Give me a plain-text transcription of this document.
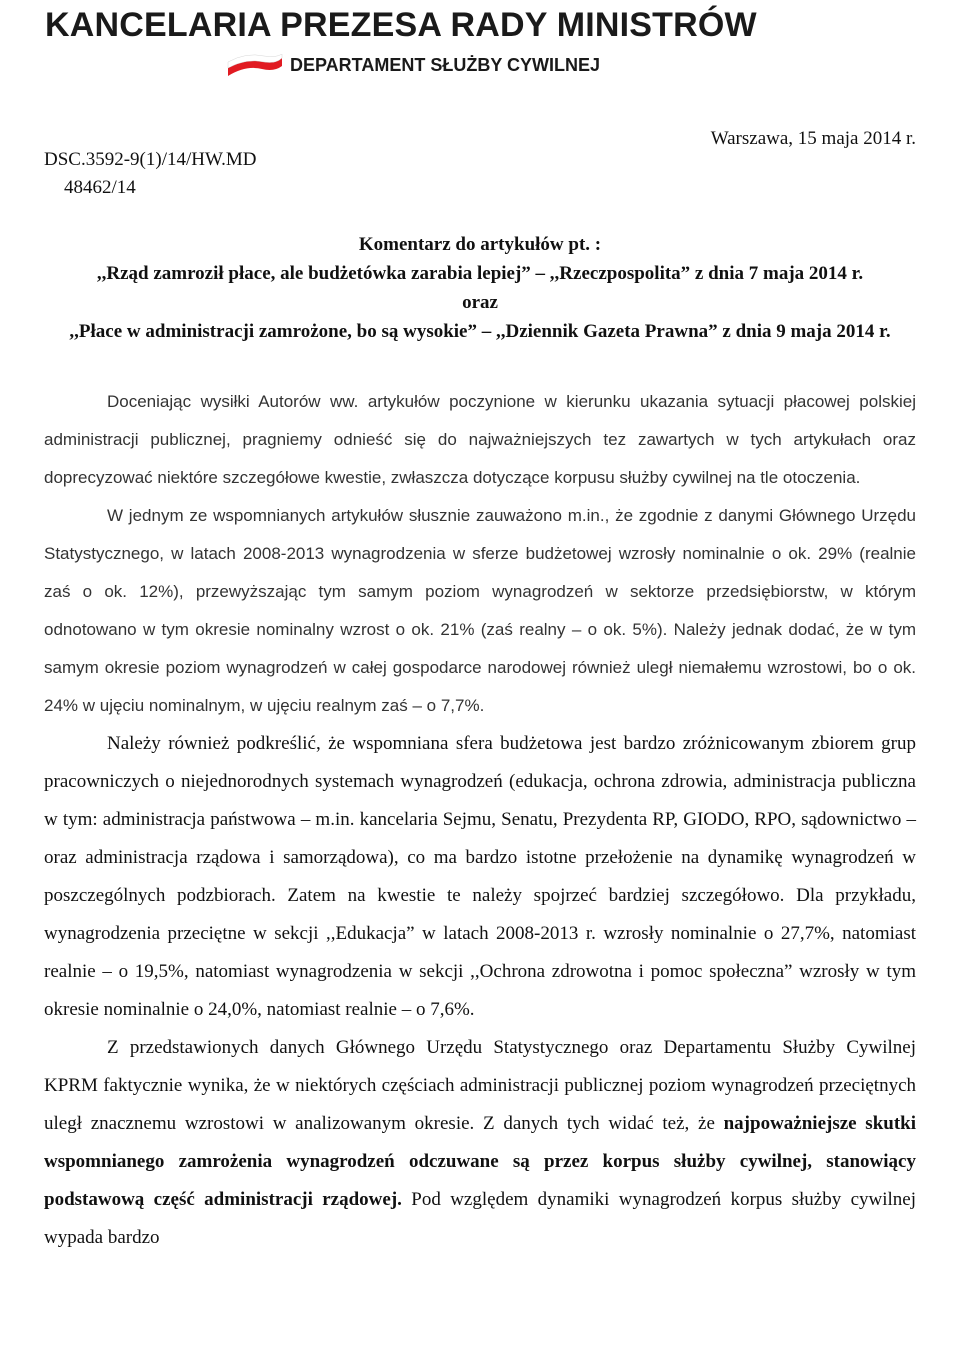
KANCELARIA PREZESA RADY MINISTRÓW
DEPARTAMENT SŁUŻBY CYWILNEJ
Warszawa, 15 maja 2014 r.
DSC.3592-9(1)/14/HW.MD
48462/14
Komentarz do artykułów pt. :
,,Rząd zamroził płace, ale budżetówka zarabia lepiej” – ,,Rzeczpospolita” z dnia 7 maja 2014 r.
oraz
,,Płace w administracji zamrożone, bo są wysokie” – ,,Dziennik Gazeta Prawna” z dnia 9 maja 2014 r.

Doceniając wysiłki Autorów ww. artykułów poczynione w kierunku ukazania sytuacji płacowej polskiej administracji publicznej, pragniemy odnieść się do najważniejszych tez zawartych w tych artykułach oraz doprecyzować niektóre szczegółowe kwestie, zwłaszcza dotyczące korpusu służby cywilnej na tle otoczenia.

W jednym ze wspomnianych artykułów słusznie zauważono m.in., że zgodnie z danymi Głównego Urzędu Statystycznego, w latach 2008-2013 wynagrodzenia w sferze budżetowej wzrosły nominalnie o ok. 29% (realnie zaś o ok. 12%), przewyższając tym samym poziom wynagrodzeń w sektorze przedsiębiorstw, w którym odnotowano w tym okresie nominalny wzrost o ok. 21% (zaś realny – o ok. 5%). Należy jednak dodać, że w tym samym okresie poziom wynagrodzeń w całej gospodarce narodowej również uległ niemałemu wzrostowi, bo o ok. 24% w ujęciu nominalnym, w ujęciu realnym zaś – o 7,7%.

Należy również podkreślić, że wspomniana sfera budżetowa jest bardzo zróżnicowanym zbiorem grup pracowniczych o niejednorodnych systemach wynagrodzeń (edukacja, ochrona zdrowia, administracja publiczna w tym: administracja państwowa – m.in. kancelaria Sejmu, Senatu, Prezydenta RP, GIODO, RPO, sądownictwo – oraz administracja rządowa i samorządowa), co ma bardzo istotne przełożenie na dynamikę wynagrodzeń w poszczególnych podzbiorach. Zatem na kwestie te należy spojrzeć bardziej szczegółowo. Dla przykładu, wynagrodzenia przeciętne w sekcji ,,Edukacja” w latach 2008-2013 r. wzrosły nominalnie o 27,7%, natomiast realnie – o 19,5%, natomiast wynagrodzenia w sekcji ,,Ochrona zdrowotna i pomoc społeczna” wzrosły w tym okresie nominalnie o 24,0%, natomiast realnie – o 7,6%.

Z przedstawionych danych Głównego Urzędu Statystycznego oraz Departamentu Służby Cywilnej KPRM faktycznie wynika, że w niektórych częściach administracji publicznej poziom wynagrodzeń przeciętnych uległ znacznemu wzrostowi w analizowanym okresie. Z danych tych widać też, że najpoważniejsze skutki wspomnianego zamrożenia wynagrodzeń odczuwane są przez korpus służby cywilnej, stanowiący podstawową część administracji rządowej. Pod względem dynamiki wynagrodzeń korpus służby cywilnej wypada bardzo
